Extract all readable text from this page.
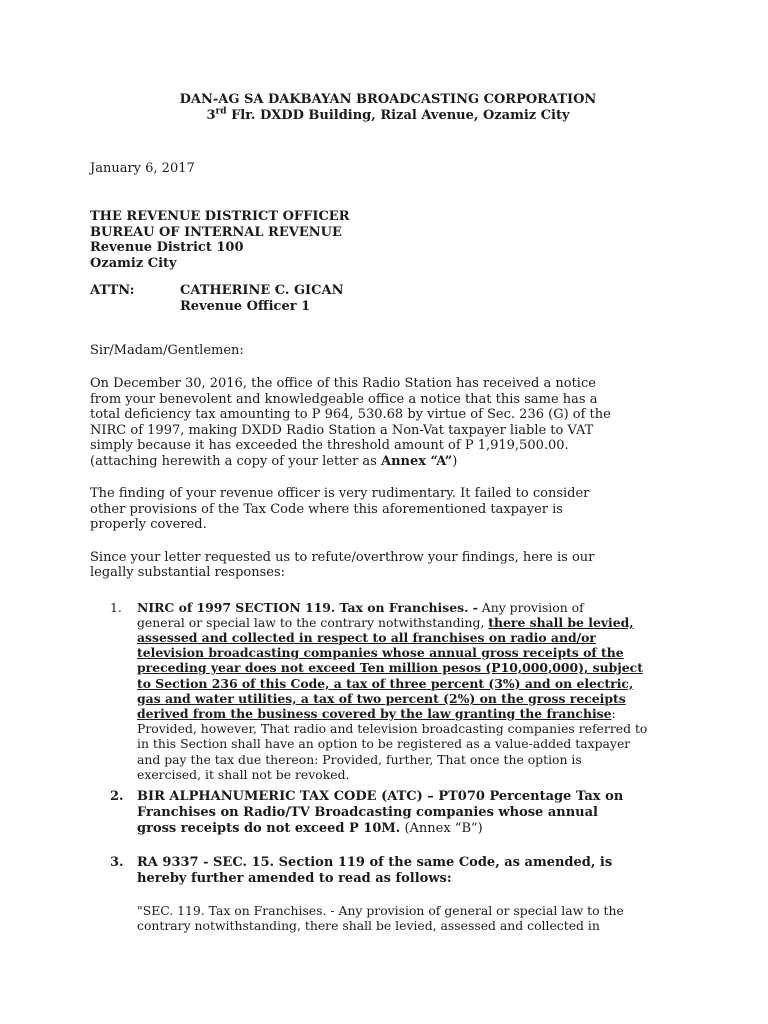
DAN-AG SA DAKBAYAN BROADCASTING CORPORATION
3rd Flr. DXDD Building, Rizal Avenue, Ozamiz City

January 6, 2017

THE REVENUE DISTRICT OFFICER
BUREAU OF INTERNAL REVENUE
Revenue District 100
Ozamiz City
ATTN:	CATHERINE C. GICAN
Revenue Officer 1

Sir/Madam/Gentlemen:

On December 30, 2016, the office of this Radio Station has received a notice
from your benevolent and knowledgeable office a notice that this same has a
total deficiency tax amounting to P 964, 530.68 by virtue of Sec. 236 (G) of the
NIRC of 1997, making DXDD Radio Station a Non-Vat taxpayer liable to VAT
simply because it has exceeded the threshold amount of P 1,919,500.00.
(attaching herewith a copy of your letter as Annex “A”)
The finding of your revenue officer is very rudimentary. It failed to consider
other provisions of the Tax Code where this aforementioned taxpayer is
properly covered.
Since your letter requested us to refute/overthrow your findings, here is our
legally substantial responses:
1.	NIRC of 1997 SECTION 119. Tax on Franchises. - Any provision of
general or special law to the contrary notwithstanding, there shall be levied,
assessed and collected in respect to all franchises on radio and/or
television broadcasting companies whose annual gross receipts of the
preceding year does not exceed Ten million pesos (P10,000,000), subject
to Section 236 of this Code, a tax of three percent (3%) and on electric,
gas and water utilities, a tax of two percent (2%) on the gross receipts
derived from the business covered by the law granting the franchise:
Provided, however, That radio and television broadcasting companies referred to
in this Section shall have an option to be registered as a value-added taxpayer
and pay the tax due thereon: Provided, further, That once the option is
exercised, it shall not be revoked.
2.	BIR ALPHANUMERIC TAX CODE (ATC) – PT070 Percentage Tax on
Franchises on Radio/TV Broadcasting companies whose annual
gross receipts do not exceed P 10M. (Annex “B”)
3.	RA 9337 - SEC. 15. Section 119 of the same Code, as amended, is
hereby further amended to read as follows:
"SEC. 119. Tax on Franchises. - Any provision of general or special law to the
contrary notwithstanding, there shall be levied, assessed and collected in
